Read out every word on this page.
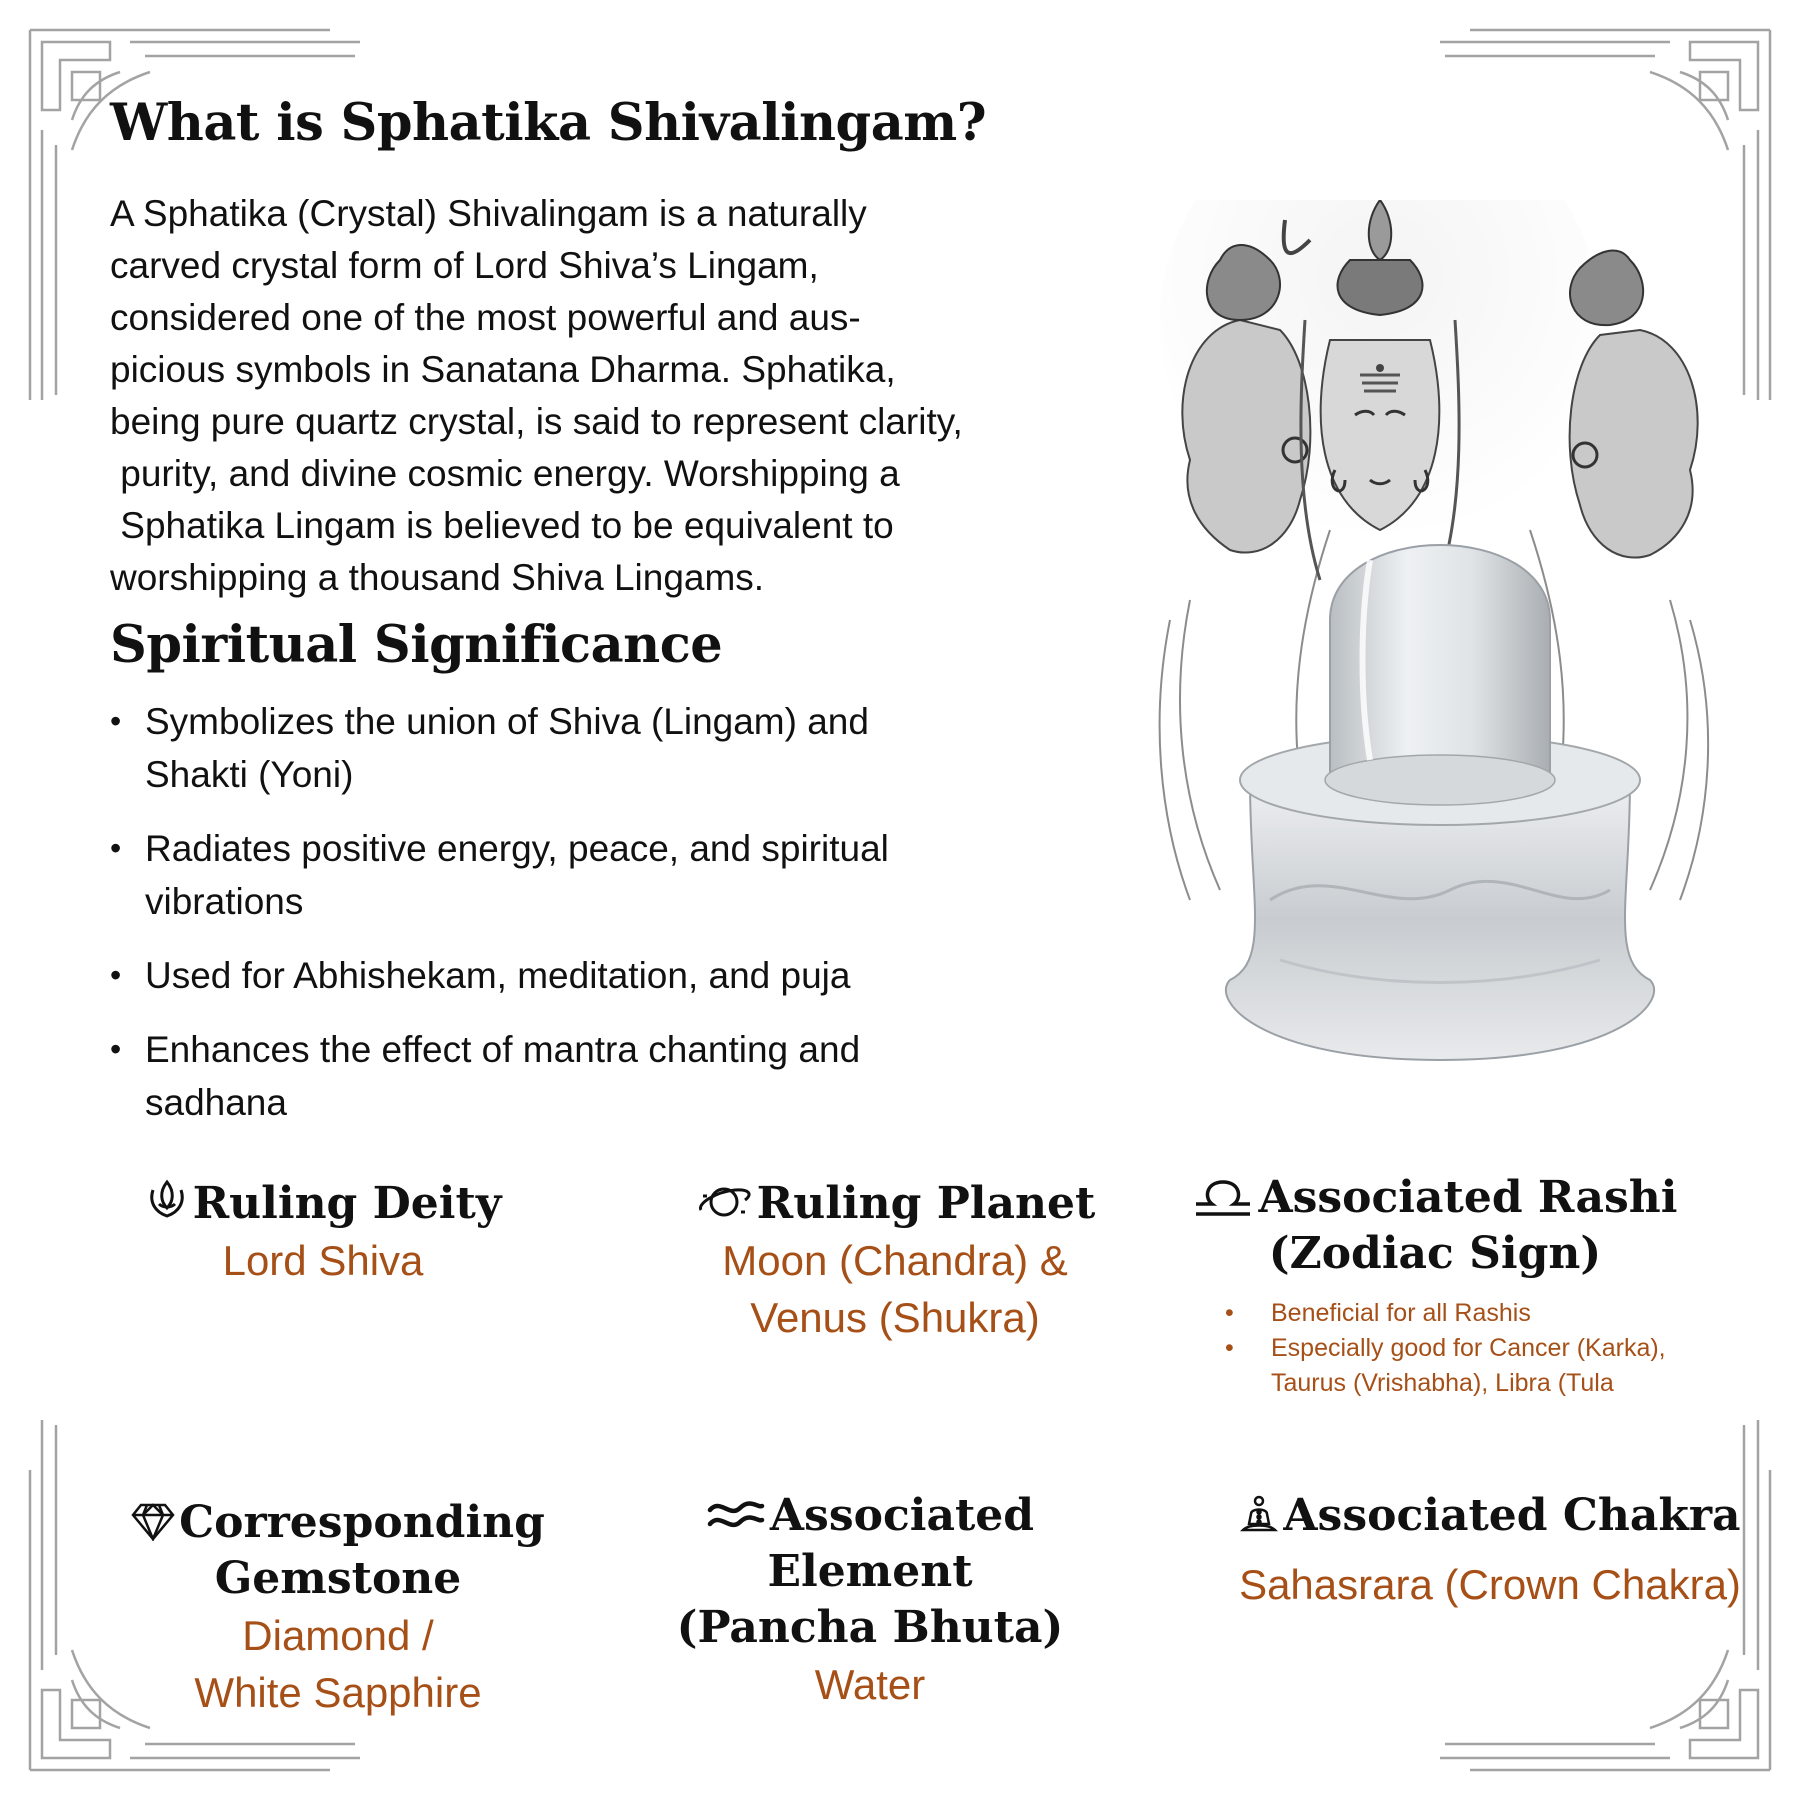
What is Sphatika Shivalingam?

A Sphatika (Crystal) Shivalingam is a naturally
carved crystal form of Lord Shiva’s Lingam,
considered one of the most powerful and aus-
picious symbols in Sanatana Dharma. Sphatika,
being pure quartz crystal, is said to represent clarity,
purity, and divine cosmic energy. Worshipping a
Sphatika Lingam is believed to be equivalent to
worshipping a thousand Shiva Lingams.

Spiritual Significance
• Symbolizes the union of Shiva (Lingam) and
Shakti (Yoni)
• Radiates positive energy, peace, and spiritual
vibrations
• Used for Abhishekam, meditation, and puja
• Enhances the effect of mantra chanting and
sadhana
Ruling Deity
Lord Shiva
Ruling Planet
Moon (Chandra) &
Venus (Shukra)
Associated Rashi
(Zodiac Sign)
• Beneficial for all Rashis
• Especially good for Cancer (Karka),
Taurus (Vrishabha), Libra (Tula
Corresponding
Gemstone
Diamond /
White Sapphire
Associated
Element
(Pancha Bhuta)
Water
Associated Chakra
Sahasrara (Crown Chakra)
